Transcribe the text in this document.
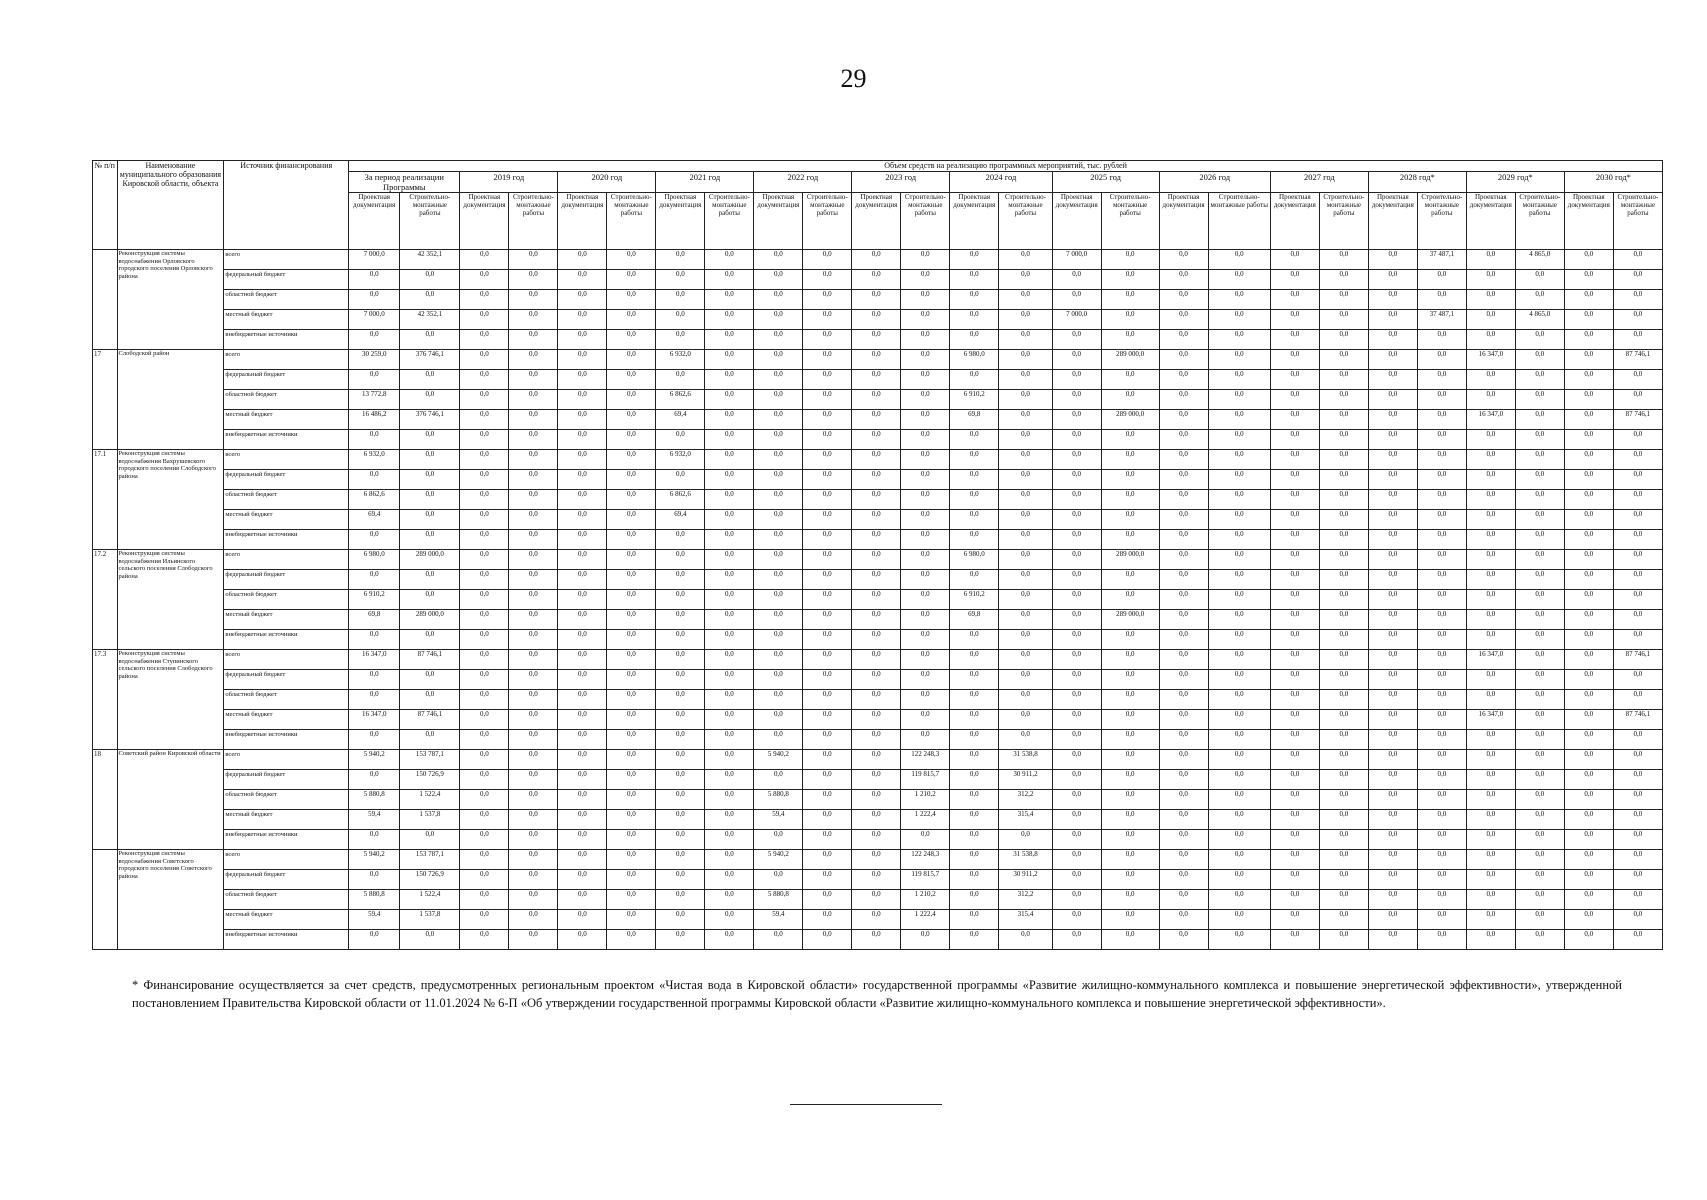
29
№ п/п	Наименование муниципального образования Кировской области, объекта	Источник финансирования	Объем средств на реализацию программных мероприятий, тыс. рублей																									
			За период реализации Программы		2019 год		2020 год		2021 год		2022 год		2023 год		2024 год		2025 год		2026 год		2027 год		2028 год*		2029 год*		2030 год*	
			Проектная документация	Строительно-монтажные работы	Проектная документация	Строительно-монтажные работы	Проектная документация	Строительно-монтажные работы	Проектная документация	Строительно-монтажные работы	Проектная документация	Строительно-монтажные работы	Проектная документация	Строительно-монтажные работы	Проектная документация	Строительно-монтажные работы	Проектная документация	Строительно-монтажные работы	Проектная документация	Строительно-монтажные работы	Проектная документация	Строительно-монтажные работы	Проектная документация	Строительно-монтажные работы	Проектная документация	Строительно-монтажные работы	Проектная документация	Строительно-монтажные работы
	Реконструкция системы водоснабжения Орловского городского поселения Орловского района	всего	7 000,0	42 352,1	0,0	0,0	0,0	0,0	0,0	0,0	0,0	0,0	0,0	0,0	0,0	0,0	7 000,0	0,0	0,0	0,0	0,0	0,0	0,0	37 487,1	0,0	4 865,0	0,0	0,0
		федеральный бюджет	0,0	0,0	0,0	0,0	0,0	0,0	0,0	0,0	0,0	0,0	0,0	0,0	0,0	0,0	0,0	0,0	0,0	0,0	0,0	0,0	0,0	0,0	0,0	0,0	0,0	0,0
		областной бюджет	0,0	0,0	0,0	0,0	0,0	0,0	0,0	0,0	0,0	0,0	0,0	0,0	0,0	0,0	0,0	0,0	0,0	0,0	0,0	0,0	0,0	0,0	0,0	0,0	0,0	0,0
		местный бюджет	7 000,0	42 352,1	0,0	0,0	0,0	0,0	0,0	0,0	0,0	0,0	0,0	0,0	0,0	0,0	7 000,0	0,0	0,0	0,0	0,0	0,0	0,0	37 487,1	0,0	4 865,0	0,0	0,0
		внебюджетные источники	0,0	0,0	0,0	0,0	0,0	0,0	0,0	0,0	0,0	0,0	0,0	0,0	0,0	0,0	0,0	0,0	0,0	0,0	0,0	0,0	0,0	0,0	0,0	0,0	0,0	0,0
17	Слободской район	всего	30 259,0	376 746,1	0,0	0,0	0,0	0,0	6 932,0	0,0	0,0	0,0	0,0	0,0	6 980,0	0,0	0,0	289 000,0	0,0	0,0	0,0	0,0	0,0	0,0	16 347,0	0,0	0,0	87 746,1
		федеральный бюджет	0,0	0,0	0,0	0,0	0,0	0,0	0,0	0,0	0,0	0,0	0,0	0,0	0,0	0,0	0,0	0,0	0,0	0,0	0,0	0,0	0,0	0,0	0,0	0,0	0,0	0,0
		областной бюджет	13 772,8	0,0	0,0	0,0	0,0	0,0	6 862,6	0,0	0,0	0,0	0,0	0,0	6 910,2	0,0	0,0	0,0	0,0	0,0	0,0	0,0	0,0	0,0	0,0	0,0	0,0	0,0
		местный бюджет	16 486,2	376 746,1	0,0	0,0	0,0	0,0	69,4	0,0	0,0	0,0	0,0	0,0	69,8	0,0	0,0	289 000,0	0,0	0,0	0,0	0,0	0,0	0,0	16 347,0	0,0	0,0	87 746,1
		внебюджетные источники	0,0	0,0	0,0	0,0	0,0	0,0	0,0	0,0	0,0	0,0	0,0	0,0	0,0	0,0	0,0	0,0	0,0	0,0	0,0	0,0	0,0	0,0	0,0	0,0	0,0	0,0
17.1	Реконструкция системы водоснабжения Вахрушевского городского поселения Слободского района	всего	6 932,0	0,0	0,0	0,0	0,0	0,0	6 932,0	0,0	0,0	0,0	0,0	0,0	0,0	0,0	0,0	0,0	0,0	0,0	0,0	0,0	0,0	0,0	0,0	0,0	0,0	0,0
		федеральный бюджет	0,0	0,0	0,0	0,0	0,0	0,0	0,0	0,0	0,0	0,0	0,0	0,0	0,0	0,0	0,0	0,0	0,0	0,0	0,0	0,0	0,0	0,0	0,0	0,0	0,0	0,0
		областной бюджет	6 862,6	0,0	0,0	0,0	0,0	0,0	6 862,6	0,0	0,0	0,0	0,0	0,0	0,0	0,0	0,0	0,0	0,0	0,0	0,0	0,0	0,0	0,0	0,0	0,0	0,0	0,0
		местный бюджет	69,4	0,0	0,0	0,0	0,0	0,0	69,4	0,0	0,0	0,0	0,0	0,0	0,0	0,0	0,0	0,0	0,0	0,0	0,0	0,0	0,0	0,0	0,0	0,0	0,0	0,0
		внебюджетные источники	0,0	0,0	0,0	0,0	0,0	0,0	0,0	0,0	0,0	0,0	0,0	0,0	0,0	0,0	0,0	0,0	0,0	0,0	0,0	0,0	0,0	0,0	0,0	0,0	0,0	0,0
17.2	Реконструкция системы водоснабжения Ильинского сельского поселения Слободского района	всего	6 980,0	289 000,0	0,0	0,0	0,0	0,0	0,0	0,0	0,0	0,0	0,0	0,0	6 980,0	0,0	0,0	289 000,0	0,0	0,0	0,0	0,0	0,0	0,0	0,0	0,0	0,0	0,0
		федеральный бюджет	0,0	0,0	0,0	0,0	0,0	0,0	0,0	0,0	0,0	0,0	0,0	0,0	0,0	0,0	0,0	0,0	0,0	0,0	0,0	0,0	0,0	0,0	0,0	0,0	0,0	0,0
		областной бюджет	6 910,2	0,0	0,0	0,0	0,0	0,0	0,0	0,0	0,0	0,0	0,0	0,0	6 910,2	0,0	0,0	0,0	0,0	0,0	0,0	0,0	0,0	0,0	0,0	0,0	0,0	0,0
		местный бюджет	69,8	289 000,0	0,0	0,0	0,0	0,0	0,0	0,0	0,0	0,0	0,0	0,0	69,8	0,0	0,0	289 000,0	0,0	0,0	0,0	0,0	0,0	0,0	0,0	0,0	0,0	0,0
		внебюджетные источники	0,0	0,0	0,0	0,0	0,0	0,0	0,0	0,0	0,0	0,0	0,0	0,0	0,0	0,0	0,0	0,0	0,0	0,0	0,0	0,0	0,0	0,0	0,0	0,0	0,0	0,0
17.3	Реконструкция системы водоснабжения Ступинского сельского поселения Слободского района	всего	16 347,0	87 746,1	0,0	0,0	0,0	0,0	0,0	0,0	0,0	0,0	0,0	0,0	0,0	0,0	0,0	0,0	0,0	0,0	0,0	0,0	0,0	0,0	16 347,0	0,0	0,0	87 746,1
		федеральный бюджет	0,0	0,0	0,0	0,0	0,0	0,0	0,0	0,0	0,0	0,0	0,0	0,0	0,0	0,0	0,0	0,0	0,0	0,0	0,0	0,0	0,0	0,0	0,0	0,0	0,0	0,0
		областной бюджет	0,0	0,0	0,0	0,0	0,0	0,0	0,0	0,0	0,0	0,0	0,0	0,0	0,0	0,0	0,0	0,0	0,0	0,0	0,0	0,0	0,0	0,0	0,0	0,0	0,0	0,0
		местный бюджет	16 347,0	87 746,1	0,0	0,0	0,0	0,0	0,0	0,0	0,0	0,0	0,0	0,0	0,0	0,0	0,0	0,0	0,0	0,0	0,0	0,0	0,0	0,0	16 347,0	0,0	0,0	87 746,1
		внебюджетные источники	0,0	0,0	0,0	0,0	0,0	0,0	0,0	0,0	0,0	0,0	0,0	0,0	0,0	0,0	0,0	0,0	0,0	0,0	0,0	0,0	0,0	0,0	0,0	0,0	0,0	0,0
18	Советский район Кировской области	всего	5 940,2	153 787,1	0,0	0,0	0,0	0,0	0,0	0,0	5 940,2	0,0	0,0	122 248,3	0,0	31 538,8	0,0	0,0	0,0	0,0	0,0	0,0	0,0	0,0	0,0	0,0	0,0	0,0
		федеральный бюджет	0,0	150 726,9	0,0	0,0	0,0	0,0	0,0	0,0	0,0	0,0	0,0	119 815,7	0,0	30 911,2	0,0	0,0	0,0	0,0	0,0	0,0	0,0	0,0	0,0	0,0	0,0	0,0
		областной бюджет	5 880,8	1 522,4	0,0	0,0	0,0	0,0	0,0	0,0	5 880,8	0,0	0,0	1 210,2	0,0	312,2	0,0	0,0	0,0	0,0	0,0	0,0	0,0	0,0	0,0	0,0	0,0	0,0
		местный бюджет	59,4	1 537,8	0,0	0,0	0,0	0,0	0,0	0,0	59,4	0,0	0,0	1 222,4	0,0	315,4	0,0	0,0	0,0	0,0	0,0	0,0	0,0	0,0	0,0	0,0	0,0	0,0
		внебюджетные источники	0,0	0,0	0,0	0,0	0,0	0,0	0,0	0,0	0,0	0,0	0,0	0,0	0,0	0,0	0,0	0,0	0,0	0,0	0,0	0,0	0,0	0,0	0,0	0,0	0,0	0,0
	Реконструкция системы водоснабжения Советского городского поселения Советского района	всего	5 940,2	153 787,1	0,0	0,0	0,0	0,0	0,0	0,0	5 940,2	0,0	0,0	122 248,3	0,0	31 538,8	0,0	0,0	0,0	0,0	0,0	0,0	0,0	0,0	0,0	0,0	0,0	0,0
		федеральный бюджет	0,0	150 726,9	0,0	0,0	0,0	0,0	0,0	0,0	0,0	0,0	0,0	119 815,7	0,0	30 911,2	0,0	0,0	0,0	0,0	0,0	0,0	0,0	0,0	0,0	0,0	0,0	0,0
		областной бюджет	5 880,8	1 522,4	0,0	0,0	0,0	0,0	0,0	0,0	5 880,8	0,0	0,0	1 210,2	0,0	312,2	0,0	0,0	0,0	0,0	0,0	0,0	0,0	0,0	0,0	0,0	0,0	0,0
		местный бюджет	59,4	1 537,8	0,0	0,0	0,0	0,0	0,0	0,0	59,4	0,0	0,0	1 222,4	0,0	315,4	0,0	0,0	0,0	0,0	0,0	0,0	0,0	0,0	0,0	0,0	0,0	0,0
		внебюджетные источники	0,0	0,0	0,0	0,0	0,0	0,0	0,0	0,0	0,0	0,0	0,0	0,0	0,0	0,0	0,0	0,0	0,0	0,0	0,0	0,0	0,0	0,0	0,0	0,0	0,0	0,0
* Финансирование осуществляется за счет средств, предусмотренных региональным проектом «Чистая вода в Кировской области» государственной программы «Развитие жилищно-коммунального комплекса и повышение энергетической эффективности», утвержденной постановлением Правительства Кировской области от 11.01.2024 № 6-П «Об утверждении государственной программы Кировской области «Развитие жилищно-коммунального комплекса и повышение энергетической эффективности».
